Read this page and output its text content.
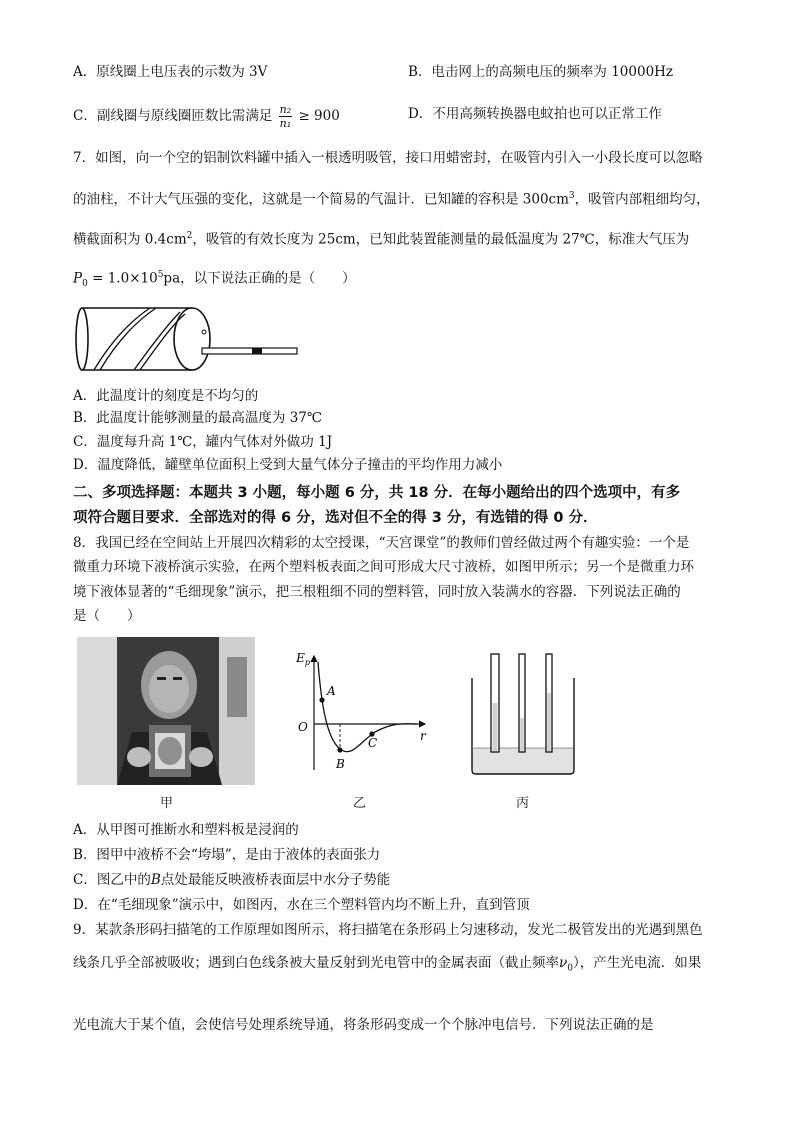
A．原线圈上电压表的示数为 3V	B．电击网上的高频电压的频率为 10000Hz
C．副线圈与原线圈匝数比需满足 $\frac{\text{n₂}}{\text{n₁}} \ge 900$	D．不用高频转换器电蚊拍也可以正常工作
7．如图，向一个空的铝制饮料罐中插入一根透明吸管，接口用蜡密封，在吸管内引入一小段长度可以忽略
的油柱，不计大气压强的变化，这就是一个简易的气温计．已知罐的容积是 $300cm^3$，吸管内部粗细均匀，
横截面积为 $0.4cm^2$，吸管的有效长度为 25cm，已知此装置能测量的最低温度为 27℃，标准大气压为
$P_0 = 1.0\times 10^5pa$，以下说法正确的是（　　）
A．此温度计的刻度是不均匀的
B．此温度计能够测量的最高温度为 37℃
C．温度每升高 1℃，罐内气体对外做功 1J
D．温度降低，罐壁单位面积上受到大量气体分子撞击的平均作用力减小
二、多项选择题：本题共 3 小题，每小题 6 分，共 18 分．在每小题给出的四个选项中，有多
项符合题目要求．全部选对的得 6 分，选对但不全的得 3 分，有选错的得 0 分．
8．我国已经在空间站上开展四次精彩的太空授课，“天宫课堂”的教师们曾经做过两个有趣实验：一个是
微重力环境下液桥演示实验，在两个塑料板表面之间可形成大尺寸液桥，如图甲所示；另一个是微重力环
境下液体显著的“毛细现象”演示，把三根粗细不同的塑料管，同时放入装满水的容器．下列说法正确的
是（　　）
甲
$E_p$
r
O
A
B
C
乙	丙
A．从甲图可推断水和塑料板是浸润的
B．图甲中液桥不会“垮塌”，是由于液体的表面张力
C．图乙中的B点处最能反映液桥表面层中水分子势能
D．在“毛细现象”演示中，如图丙，水在三个塑料管内均不断上升，直到管顶
9．某款条形码扫描笔的工作原理如图所示，将扫描笔在条形码上匀速移动，发光二极管发出的光遇到黑色
线条几乎全部被吸收；遇到白色线条被大量反射到光电管中的金属表面（截止频率$\nu_0$），产生光电流．如果
光电流大于某个值，会使信号处理系统导通，将条形码变成一个个脉冲电信号．下列说法正确的是
